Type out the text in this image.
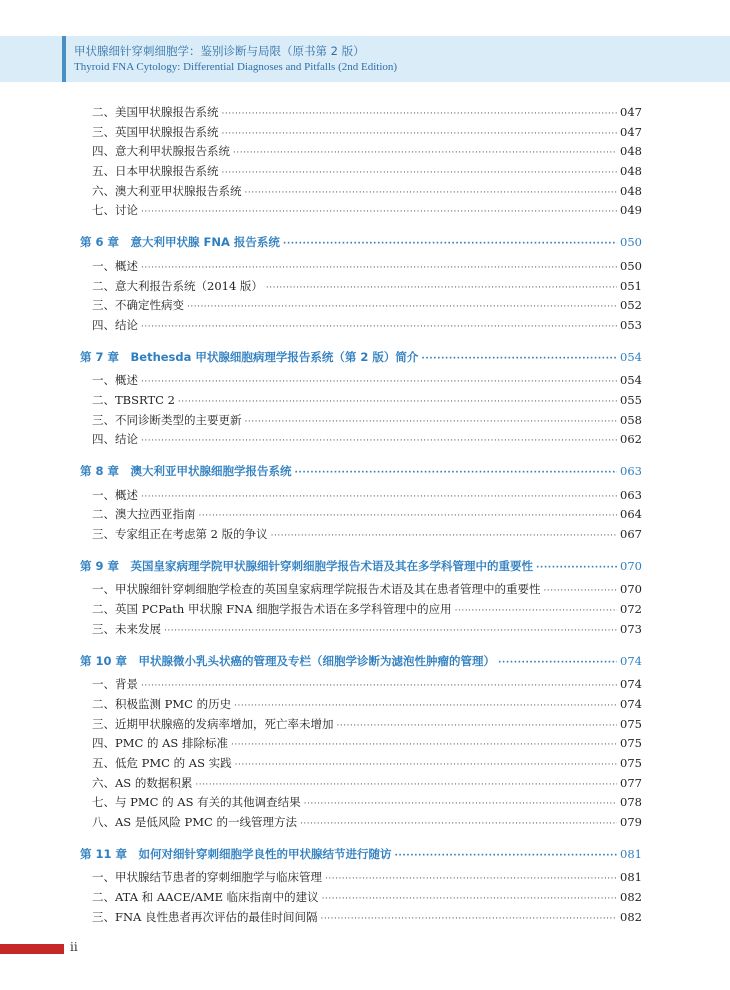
甲状腺细针穿刺细胞学：鉴别诊断与局限（原书第 2 版）
Thyroid FNA Cytology: Differential Diagnoses and Pitfalls (2nd Edition)
二、美国甲状腺报告系统 ·····	047
三、英国甲状腺报告系统 ·····	047
四、意大利甲状腺报告系统 ·····	048
五、日本甲状腺报告系统 ·····	048
六、澳大利亚甲状腺报告系统 ·····	048
七、讨论 ·····	049
第 6 章　意大利甲状腺 FNA 报告系统 ·····	050
一、概述 ·····	050
二、意大利报告系统（2014 版） ·····	051
三、不确定性病变 ·····	052
四、结论 ·····	053
第 7 章　Bethesda 甲状腺细胞病理学报告系统（第 2 版）简介 ·····	054
一、概述 ·····	054
二、TBSRTC 2 ·····	055
三、不同诊断类型的主要更新 ·····	058
四、结论 ·····	062
第 8 章　澳大利亚甲状腺细胞学报告系统 ·····	063
一、概述 ·····	063
二、澳大拉西亚指南 ·····	064
三、专家组正在考虑第 2 版的争议 ·····	067
第 9 章　英国皇家病理学院甲状腺细针穿刺细胞学报告术语及其在多学科管理中的重要性 ·····	070
一、甲状腺细针穿刺细胞学检查的英国皇家病理学院报告术语及其在患者管理中的重要性 ·····	070
二、英国 PCPath 甲状腺 FNA 细胞学报告术语在多学科管理中的应用 ·····	072
三、未来发展 ·····	073
第 10 章　甲状腺微小乳头状癌的管理及专栏（细胞学诊断为滤泡性肿瘤的管理） ·····	074
一、背景 ·····	074
二、积极监测 PMC 的历史 ·····	074
三、近期甲状腺癌的发病率增加，死亡率未增加 ·····	075
四、PMC 的 AS 排除标准 ·····	075
五、低危 PMC 的 AS 实践 ·····	075
六、AS 的数据积累 ·····	077
七、与 PMC 的 AS 有关的其他调查结果 ·····	078
八、AS 是低风险 PMC 的一线管理方法 ·····	079
第 11 章　如何对细针穿刺细胞学良性的甲状腺结节进行随访 ·····	081
一、甲状腺结节患者的穿刺细胞学与临床管理 ·····	081
二、ATA 和 AACE/AME 临床指南中的建议 ·····	082
三、FNA 良性患者再次评估的最佳时间间隔 ·····	082
ii
